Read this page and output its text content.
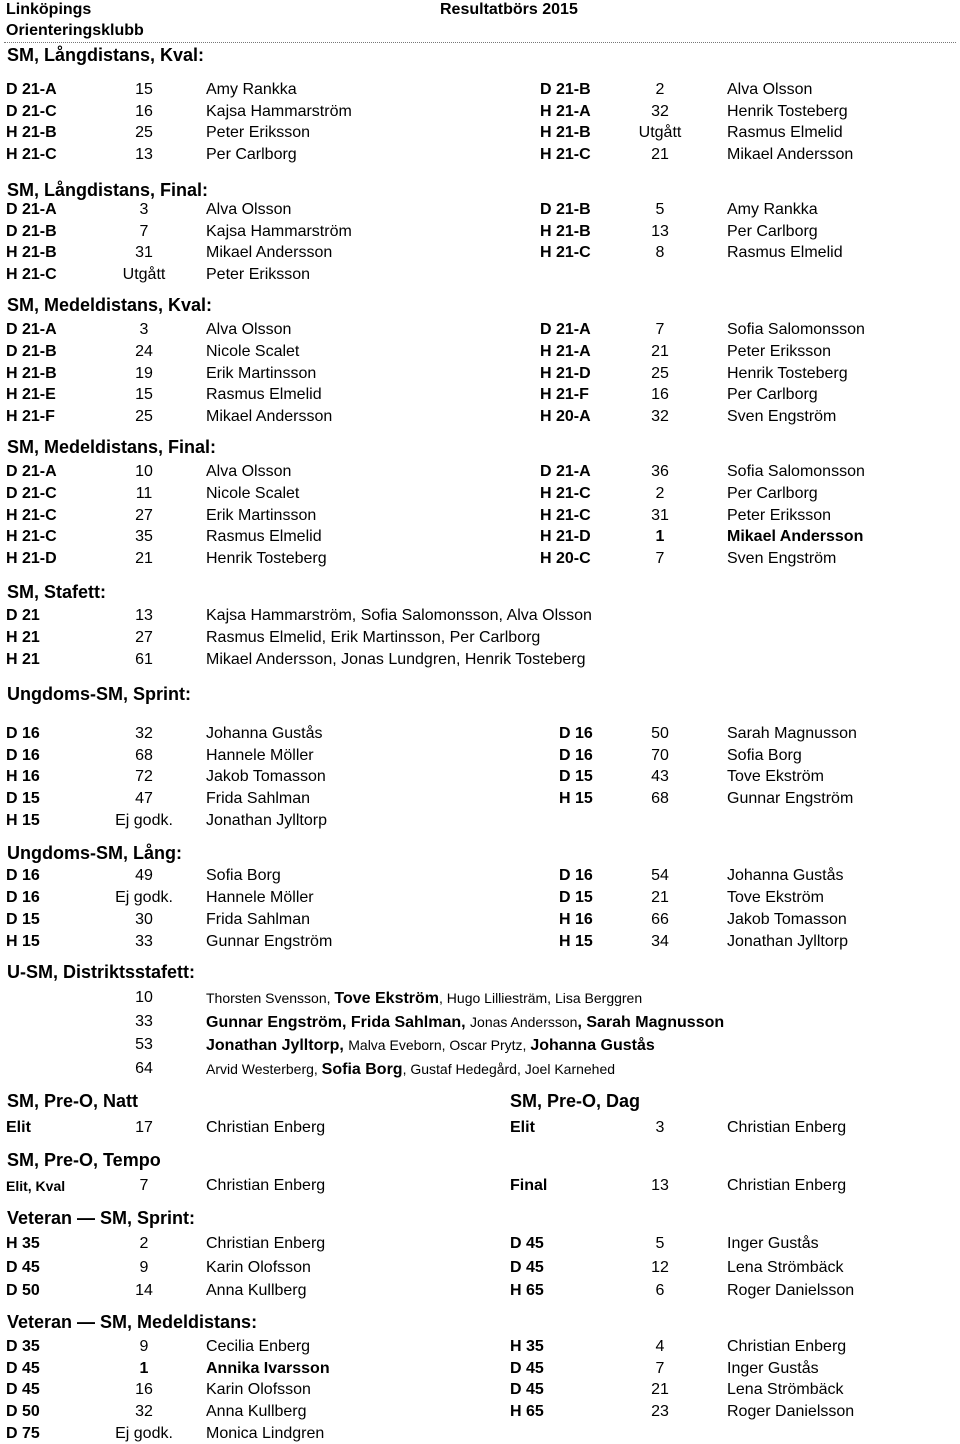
Linköpings
Orienteringsklubb
Resultatbörs 2015
SM, Långdistans, Kval:
D 21-A	15	Amy Rankka	D 21-B	2	Alva Olsson
D 21-C	16	Kajsa Hammarström	H 21-A	32	Henrik Tosteberg
H 21-B	25	Peter Eriksson	H 21-B	Utgått	Rasmus Elmelid
H 21-C	13	Per Carlborg	H 21-C	21	Mikael Andersson
SM, Långdistans, Final:
D 21-A	3	Alva Olsson	D 21-B	5	Amy Rankka
D 21-B	7	Kajsa Hammarström	H 21-B	13	Per Carlborg
H 21-B	31	Mikael Andersson	H 21-C	8	Rasmus Elmelid
H 21-C	Utgått	Peter Eriksson
SM, Medeldistans, Kval:
D 21-A	3	Alva Olsson	D 21-A	7	Sofia Salomonsson
D 21-B	24	Nicole Scalet	H 21-A	21	Peter Eriksson
H 21-B	19	Erik Martinsson	H 21-D	25	Henrik Tosteberg
H 21-E	15	Rasmus Elmelid	H 21-F	16	Per Carlborg
H 21-F	25	Mikael Andersson	H 20-A	32	Sven Engström
SM, Medeldistans, Final:
D 21-A	10	Alva Olsson	D 21-A	36	Sofia Salomonsson
D 21-C	11	Nicole Scalet	H 21-C	2	Per Carlborg
H 21-C	27	Erik Martinsson	H 21-C	31	Peter Eriksson
H 21-C	35	Rasmus Elmelid	H 21-D	1	Mikael Andersson
H 21-D	21	Henrik Tosteberg	H 20-C	7	Sven Engström
SM, Stafett:
D 21	13	Kajsa Hammarström, Sofia Salomonsson, Alva Olsson
H 21	27	Rasmus Elmelid, Erik Martinsson, Per Carlborg
H 21	61	Mikael Andersson, Jonas Lundgren, Henrik Tosteberg
Ungdoms-SM, Sprint:
D 16	32	Johanna Gustås	D 16	50	Sarah Magnusson
D 16	68	Hannele Möller	D 16	70	Sofia Borg
H 16	72	Jakob Tomasson	D 15	43	Tove Ekström
D 15	47	Frida Sahlman	H 15	68	Gunnar Engström
H 15	Ej godk.	Jonathan Jylltorp
Ungdoms-SM, Lång:
D 16	49	Sofia Borg	D 16	54	Johanna Gustås
D 16	Ej godk.	Hannele Möller	D 15	21	Tove Ekström
D 15	30	Frida Sahlman	H 16	66	Jakob Tomasson
H 15	33	Gunnar Engström	H 15	34	Jonathan Jylltorp
U-SM, Distriktsstafett:
10	Thorsten Svensson, Tove Ekström, Hugo Lilliesträm, Lisa Berggren
33	Gunnar Engström, Frida Sahlman, Jonas Andersson, Sarah Magnusson
53	Jonathan Jylltorp, Malva Eveborn, Oscar Prytz, Johanna Gustås
64	Arvid Westerberg, Sofia Borg, Gustaf Hedegård, Joel Karnehed
SM, Pre-O, Natt	SM, Pre-O, Dag
Elit	17	Christian Enberg	Elit	3	Christian Enberg
SM, Pre-O, Tempo
Elit, Kval	7	Christian Enberg	Final	13	Christian Enberg
Veteran — SM, Sprint:
H 35	2	Christian Enberg	D 45	5	Inger Gustås
D 45	9	Karin Olofsson	D 45	12	Lena Strömbäck
D 50	14	Anna Kullberg	H 65	6	Roger Danielsson
Veteran — SM, Medeldistans:
D 35	9	Cecilia Enberg	H 35	4	Christian Enberg
D 45	1	Annika Ivarsson	D 45	7	Inger Gustås
D 45	16	Karin Olofsson	D 45	21	Lena Strömbäck
D 50	32	Anna Kullberg	H 65	23	Roger Danielsson
D 75	Ej godk.	Monica Lindgren
